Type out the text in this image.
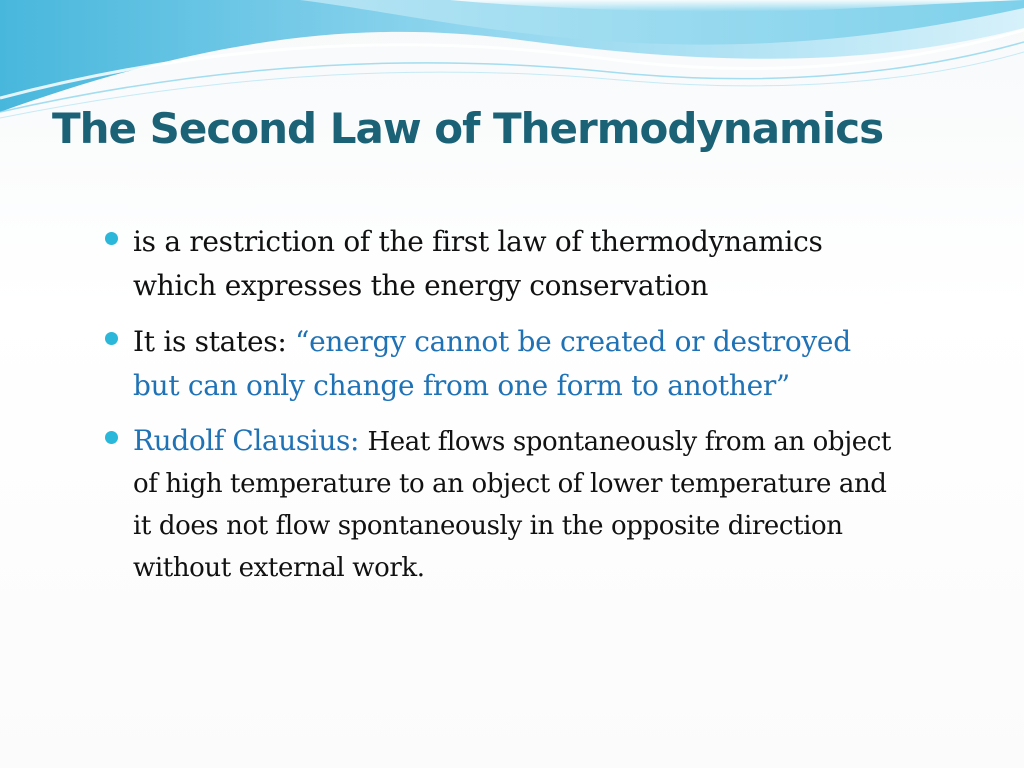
The Second Law of Thermodynamics
is a restriction of the first law of thermodynamics which expresses the energy conservation
It is states: “energy cannot be created or destroyed but can only change from one form to another”
Rudolf Clausius: Heat flows spontaneously from an object of high temperature to an object of lower temperature and it does not flow spontaneously in the opposite direction without external work.
